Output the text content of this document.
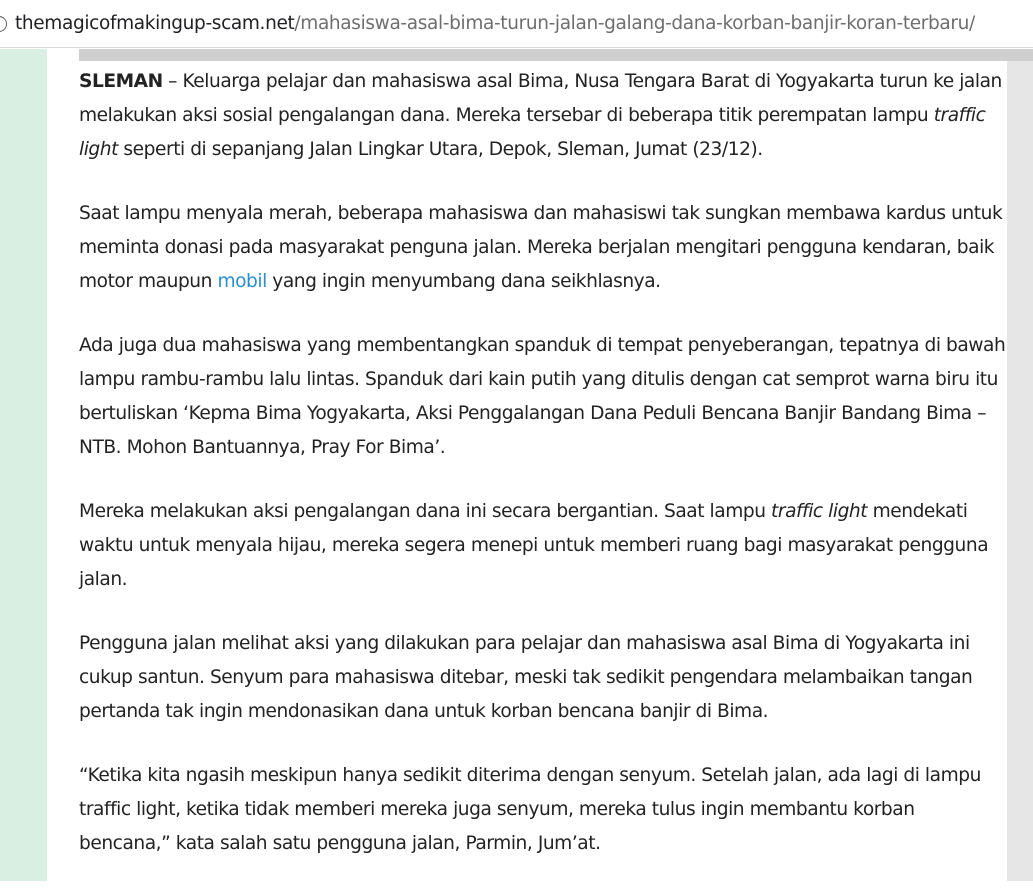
themagicofmakingup-scam.net/mahasiswa-asal-bima-turun-jalan-galang-dana-korban-banjir-koran-terbaru/

SLEMAN – Keluarga pelajar dan mahasiswa asal Bima, Nusa Tengara Barat di Yogyakarta turun ke jalan melakukan aksi sosial pengalangan dana. Mereka tersebar di beberapa titik perempatan lampu traffic light seperti di sepanjang Jalan Lingkar Utara, Depok, Sleman, Jumat (23/12).

Saat lampu menyala merah, beberapa mahasiswa dan mahasiswi tak sungkan membawa kardus untuk meminta donasi pada masyarakat penguna jalan. Mereka berjalan mengitari pengguna kendaran, baik motor maupun mobil yang ingin menyumbang dana seikhlasnya.

Ada juga dua mahasiswa yang membentangkan spanduk di tempat penyeberangan, tepatnya di bawah lampu rambu-rambu lalu lintas. Spanduk dari kain putih yang ditulis dengan cat semprot warna biru itu bertuliskan ‘Kepma Bima Yogyakarta, Aksi Penggalangan Dana Peduli Bencana Banjir Bandang Bima – NTB. Mohon Bantuannya, Pray For Bima’.

Mereka melakukan aksi pengalangan dana ini secara bergantian. Saat lampu traffic light mendekati waktu untuk menyala hijau, mereka segera menepi untuk memberi ruang bagi masyarakat pengguna jalan.

Pengguna jalan melihat aksi yang dilakukan para pelajar dan mahasiswa asal Bima di Yogyakarta ini cukup santun. Senyum para mahasiswa ditebar, meski tak sedikit pengendara melambaikan tangan pertanda tak ingin mendonasikan dana untuk korban bencana banjir di Bima.

“Ketika kita ngasih meskipun hanya sedikit diterima dengan senyum. Setelah jalan, ada lagi di lampu traffic light, ketika tidak memberi mereka juga senyum, mereka tulus ingin membantu korban bencana,” kata salah satu pengguna jalan, Parmin, Jum’at.
